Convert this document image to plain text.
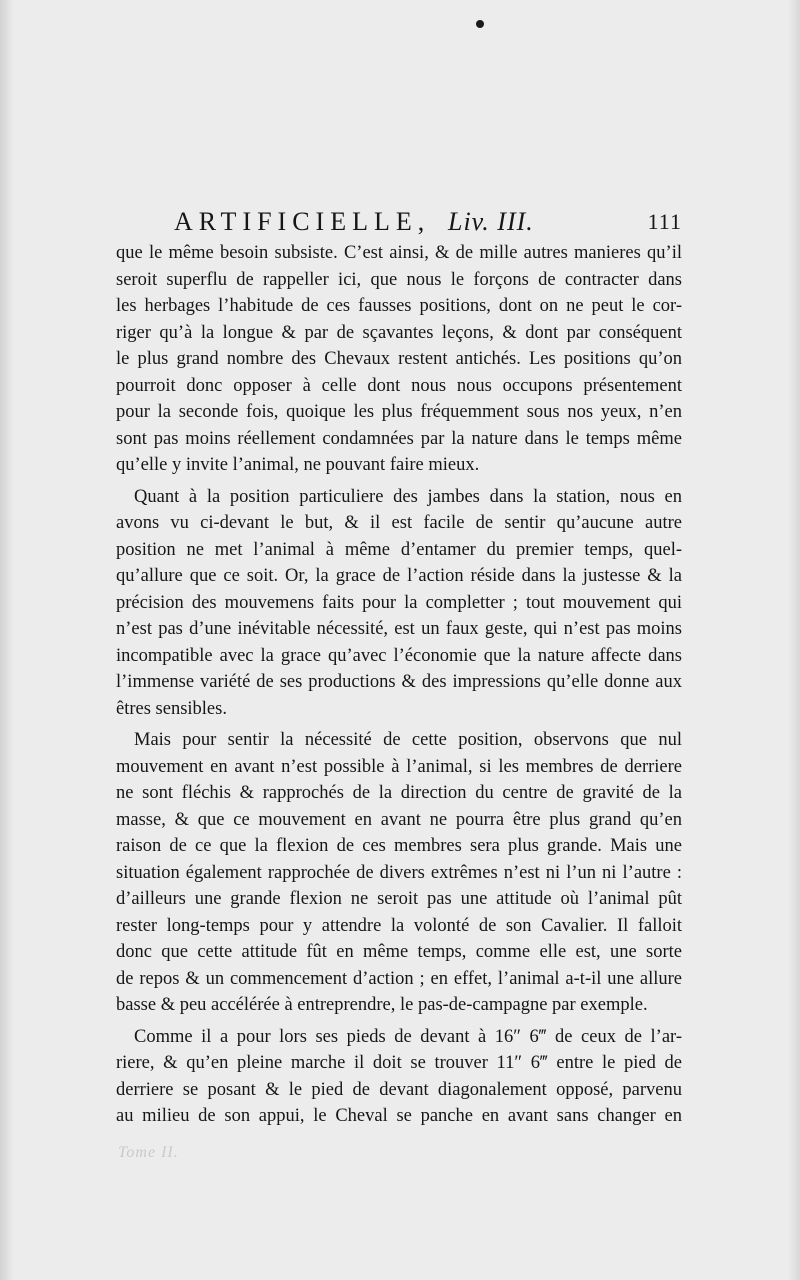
ARTIFICIELLE, Liv. III.	111
que le même besoin subsiste. C’est ainsi, & de mille autres manieres qu’il
seroit superflu de rappeller ici, que nous le forçons de contracter dans
les herbages l’habitude de ces fausses positions, dont on ne peut le cor-
riger qu’à la longue & par de sçavantes leçons, & dont par conséquent
le plus grand nombre des Chevaux restent antichés. Les positions qu’on
pourroit donc opposer à celle dont nous nous occupons présentement
pour la seconde fois, quoique les plus fréquemment sous nos yeux, n’en
sont pas moins réellement condamnées par la nature dans le temps même
qu’elle y invite l’animal, ne pouvant faire mieux.
Quant à la position particuliere des jambes dans la station, nous en
avons vu ci-devant le but, & il est facile de sentir qu’aucune autre
position ne met l’animal à même d’entamer du premier temps, quel-
qu’allure que ce soit. Or, la grace de l’action réside dans la justesse & la
précision des mouvemens faits pour la completter ; tout mouvement qui
n’est pas d’une inévitable nécessité, est un faux geste, qui n’est pas moins
incompatible avec la grace qu’avec l’économie que la nature affecte dans
l’immense variété de ses productions & des impressions qu’elle donne aux
êtres sensibles.
Mais pour sentir la nécessité de cette position, observons que nul
mouvement en avant n’est possible à l’animal, si les membres de derriere
ne sont fléchis & rapprochés de la direction du centre de gravité de la
masse, & que ce mouvement en avant ne pourra être plus grand qu’en
raison de ce que la flexion de ces membres sera plus grande. Mais une
situation également rapprochée de divers extrêmes n’est ni l’un ni l’autre :
d’ailleurs une grande flexion ne seroit pas une attitude où l’animal pût
rester long-temps pour y attendre la volonté de son Cavalier. Il falloit
donc que cette attitude fût en même temps, comme elle est, une sorte
de repos & un commencement d’action ; en effet, l’animal a-t-il une allure
basse & peu accélérée à entreprendre, le pas-de-campagne par exemple.
Comme il a pour lors ses pieds de devant à 16″ 6‴ de ceux de l’ar-
riere, & qu’en pleine marche il doit se trouver 11″ 6‴ entre le pied de
derriere se posant & le pied de devant diagonalement opposé, parvenu
au milieu de son appui, le Cheval se panche en avant sans changer en
Tome II.
